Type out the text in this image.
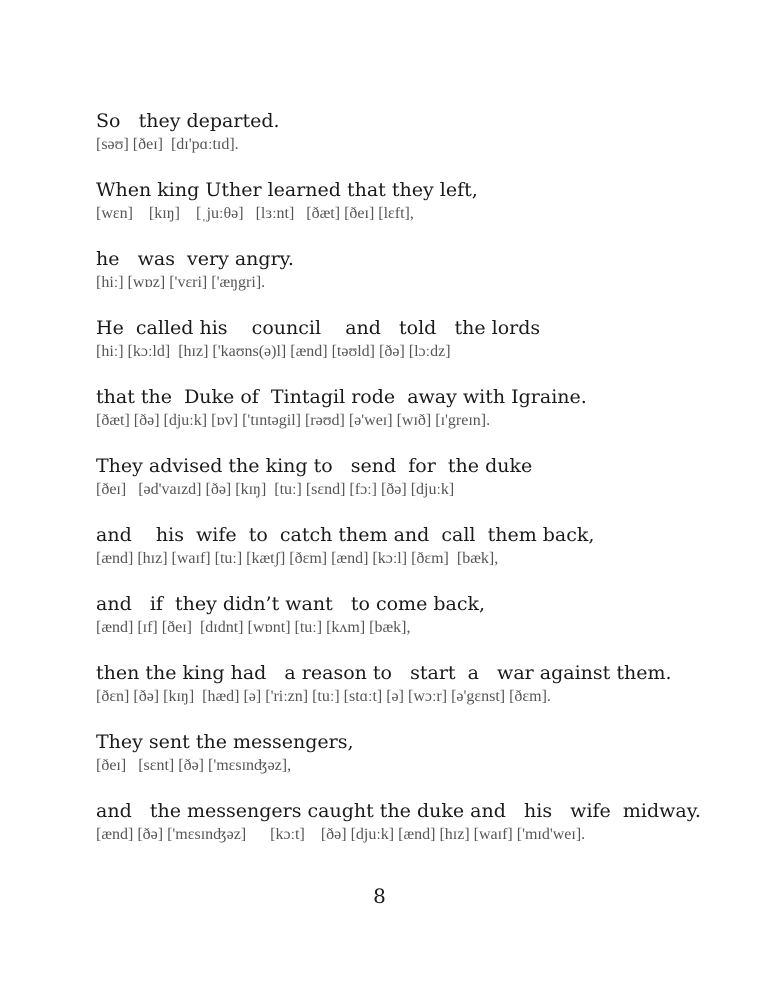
So   they departed.

[səʊ] [ðeɪ]  [dɪ'pɑːtɪd].

When king Uther learned that they left,

[wɛn]    [kɪŋ]    [ˌjuːθə]   [lɜːnt]   [ðæt] [ðeɪ] [lɛft],

he   was  very angry.

[hiː] [wɒz] ['vɛri] ['æŋgri].

He  called his    council    and   told   the lords

[hiː] [kɔːld]  [hɪz] ['kaʊns(ə)l] [ænd] [təʊld] [ðə] [lɔːdz]

that the  Duke of  Tintagil rode  away with Igraine.

[ðæt] [ðə] [djuːk] [ɒv] ['tɪntəgil] [rəʊd] [ə'weɪ] [wɪð] [ɪ'greɪn].

They advised the king to   send  for  the duke

[ðeɪ]   [əd'vaɪzd] [ðə] [kɪŋ]  [tuː] [sɛnd] [fɔː] [ðə] [djuːk]

and    his  wife  to  catch them and  call  them back,

[ænd] [hɪz] [waɪf] [tuː] [kætʃ] [ðɛm] [ænd] [kɔːl] [ðɛm]  [bæk],

and   if  they didn’t want   to come back,

[ænd] [ɪf] [ðeɪ]  [dɪdnt] [wɒnt] [tuː] [kʌm] [bæk],

then the king had   a reason to   start  a   war against them.

[ðɛn] [ðə] [kɪŋ]  [hæd] [ə] ['riːzn] [tuː] [stɑːt] [ə] [wɔːr] [ə'gɛnst] [ðɛm].

They sent the messengers,

[ðeɪ]   [sɛnt] [ðə] ['mɛsɪnʤəz],

and   the messengers caught the duke and   his   wife  midway.

[ænd] [ðə] ['mɛsɪnʤəz]      [kɔːt]    [ðə] [djuːk] [ænd] [hɪz] [waɪf] ['mɪd'weɪ].

8
